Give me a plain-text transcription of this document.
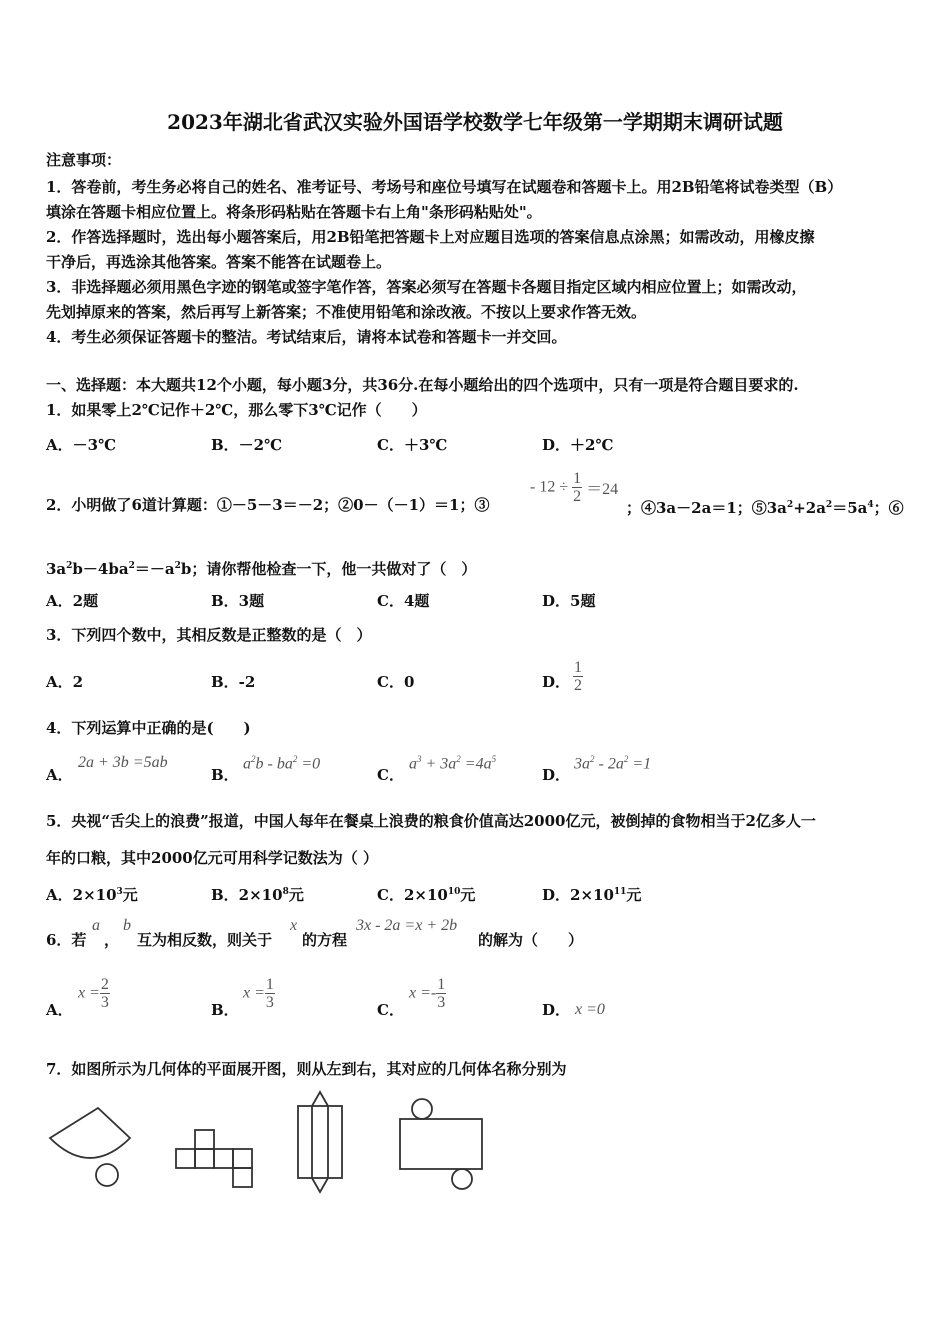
2023年湖北省武汉实验外国语学校数学七年级第一学期期末调研试题
注意事项：
1．答卷前，考生务必将自己的姓名、准考证号、考场号和座位号填写在试题卷和答题卡上。用2B铅笔将试卷类型（B）
填涂在答题卡相应位置上。将条形码粘贴在答题卡右上角"条形码粘贴处"。
2．作答选择题时，选出每小题答案后，用2B铅笔把答题卡上对应题目选项的答案信息点涂黑；如需改动，用橡皮擦
干净后，再选涂其他答案。答案不能答在试题卷上。
3．非选择题必须用黑色字迹的钢笔或签字笔作答，答案必须写在答题卡各题目指定区域内相应位置上；如需改动，
先划掉原来的答案，然后再写上新答案；不准使用铅笔和涂改液。不按以上要求作答无效。
4．考生必须保证答题卡的整洁。考试结束后，请将本试卷和答题卡一并交回。
一、选择题：本大题共12个小题，每小题3分，共36分.在每小题给出的四个选项中，只有一项是符合题目要求的.
1．如果零上2℃记作＋2℃，那么零下3℃记作（　　）
A．－3℃	B．－2℃	C．＋3℃	D．＋2℃
2．小明做了6道计算题：①－5－3＝－2；②0－（－1）＝1；③
- $12 \div \frac{1}{2} =24$
；④3a－2a＝1；$⑤3a^2+2a^2=5a^4$；⑥
$3a^2b-4ba^2=-a^2b$；请你帮他检查一下，他一共做对了（　）
A．2题	B．3题	C．4题	D．5题
3．下列四个数中，其相反数是正整数的是（　）
A．2	B．-2	C．0	D． $\frac{1}{2}$
4．下列运算中正确的是(　　)
A．
2a + 3b =5ab
B．
$a^2b - ba^2 =0$
C．
$a^3 + 3a^2 =4a^5$
D．
$3a^2 - 2a^2 =1$
5．央视“舌尖上的浪费”报道，中国人每年在餐桌上浪费的粮食价值高达2000亿元，被倒掉的食物相当于2亿多人一
年的口粮，其中2000亿元可用科学记数法为（ ）
A．$2\times 10^3$元	B．$2\times 10^8$元	C．$2\times 10^{10}$元	D．$2\times 10^{11}$元
6．若
a
，
b
互为相反数，则关于
x
的方程
3x - 2a =x + 2b
的解为（　　）
A．
$x = \frac{2}{3}$	B．
$x = \frac{1}{3}$	C．
$x =- \frac{1}{3}$	D． x =0
7．如图所示为几何体的平面展开图，则从左到右，其对应的几何体名称分别为
